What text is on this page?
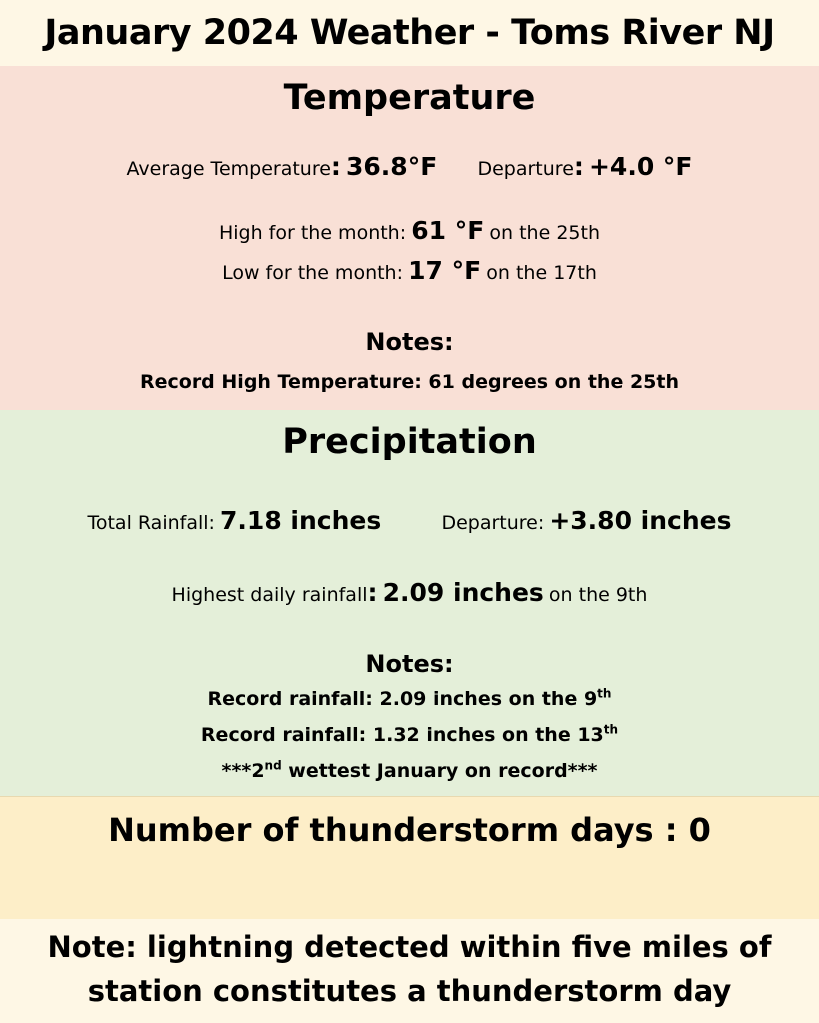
January 2024 Weather - Toms River NJ
Temperature
Average Temperature: 36.8°F Departure: +4.0 °F
High for the month: 61 °F on the 25th
Low for the month: 17 °F on the 17th
Notes:
Record High Temperature: 61 degrees on the 25th
Precipitation
Total Rainfall: 7.18 inches	Departure: +3.80 inches
Highest daily rainfall: 2.09 inches on the 9th
Notes:
Record rainfall: 2.09 inches on the 9th
Record rainfall: 1.32 inches on the 13th
***2nd wettest January on record***
Number of thunderstorm days : 0
Note: lightning detected within five miles of
station constitutes a thunderstorm day
